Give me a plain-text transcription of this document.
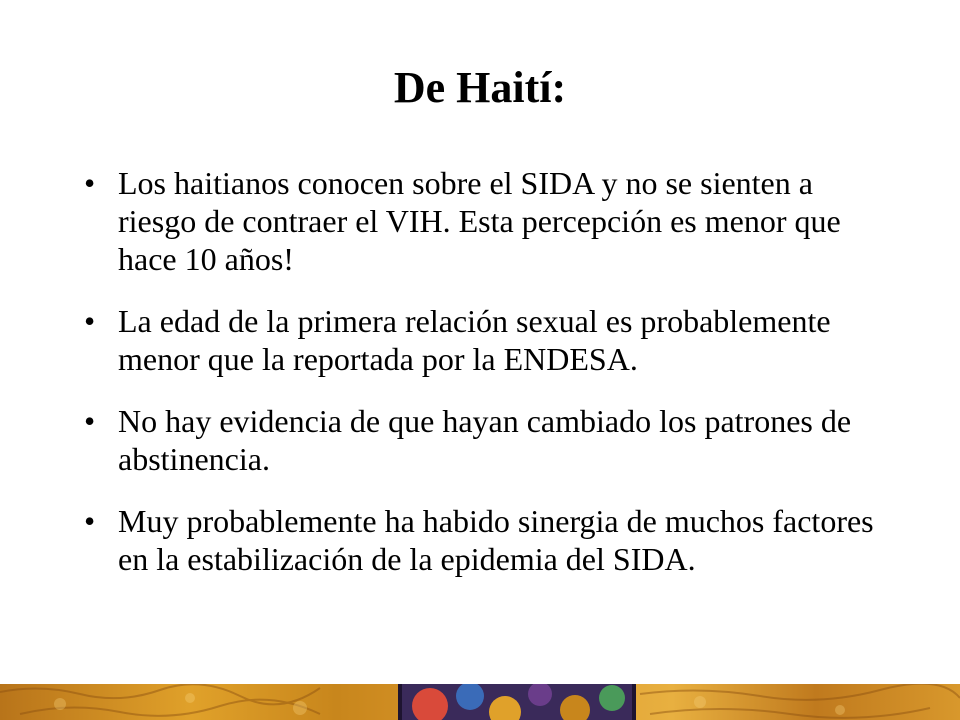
De Haití:
• Los haitianos conocen sobre el SIDA y no se sienten a riesgo de contraer el VIH. Esta percepción es menor que hace 10 años!
• La edad de la primera relación sexual es probablemente menor que la reportada por la ENDESA.
• No hay evidencia de que hayan cambiado los patrones de abstinencia.
• Muy probablemente ha habido sinergia de muchos factores en la estabilización de la epidemia del SIDA.
